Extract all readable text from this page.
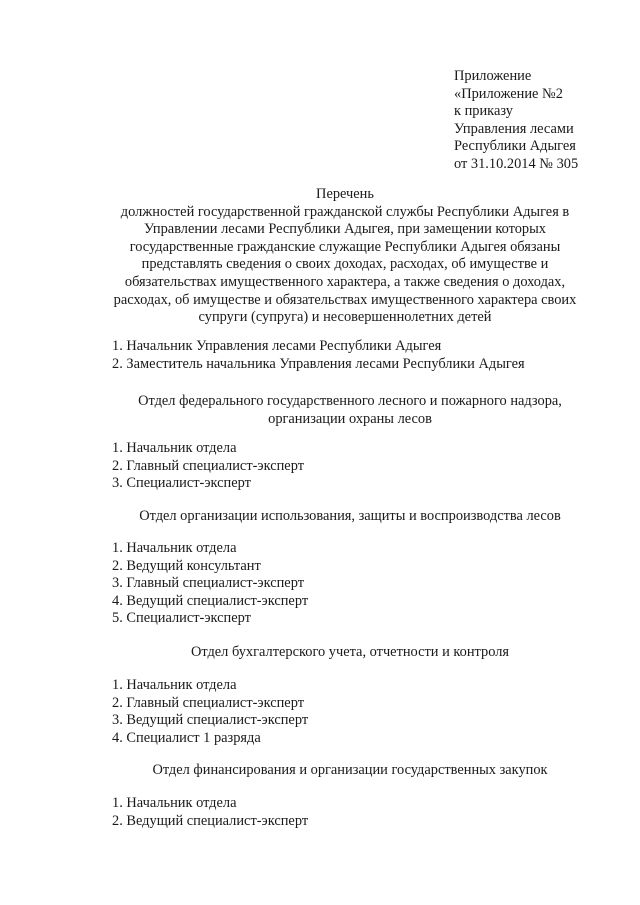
Приложение
«Приложение №2
к приказу
Управления лесами
Республики Адыгея
от 31.10.2014 № 305
Перечень
должностей государственной гражданской службы Республики Адыгея в
Управлении лесами Республики Адыгея, при замещении которых
государственные гражданские служащие Республики Адыгея обязаны
представлять сведения о своих доходах, расходах, об имуществе и
обязательствах имущественного характера, а также сведения о доходах,
расходах, об имуществе и обязательствах имущественного характера своих
супруги (супруга) и несовершеннолетних детей
1. Начальник Управления лесами Республики Адыгея
2. Заместитель начальника Управления лесами Республики Адыгея
Отдел федерального государственного лесного и пожарного надзора,
организации охраны лесов
1. Начальник отдела
2. Главный специалист-эксперт
3. Специалист-эксперт
Отдел организации использования, защиты и воспроизводства лесов
1. Начальник отдела
2. Ведущий консультант
3. Главный специалист-эксперт
4. Ведущий специалист-эксперт
5. Специалист-эксперт
Отдел бухгалтерского учета, отчетности и контроля
1. Начальник отдела
2. Главный специалист-эксперт
3. Ведущий специалист-эксперт
4. Специалист 1 разряда
Отдел финансирования и организации государственных закупок
1. Начальник отдела
2. Ведущий специалист-эксперт
